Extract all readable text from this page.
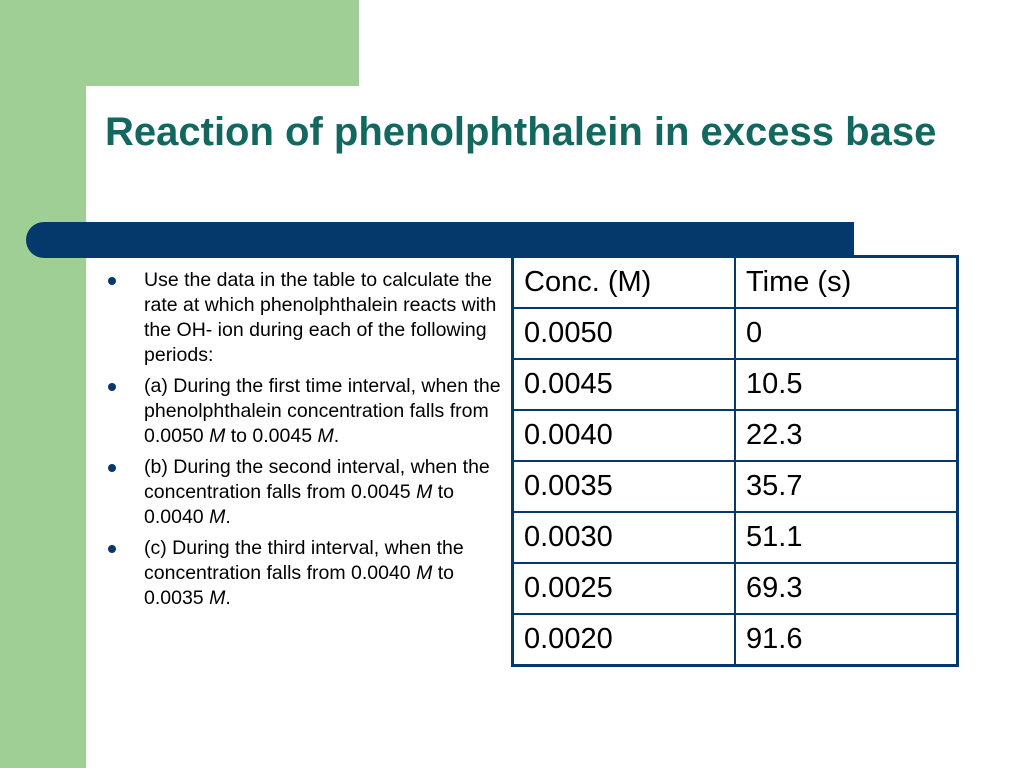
Reaction of phenolphthalein in excess base
Use the data in the table to calculate the rate at which phenolphthalein reacts with the OH- ion during each of the following periods:
(a) During the first time interval, when the phenolphthalein concentration falls from 0.0050 M to 0.0045 M.
(b) During the second interval, when the concentration falls from 0.0045 M to 0.0040 M.
(c) During the third interval, when the concentration falls from 0.0040 M to 0.0035 M.
Conc. (M)	Time (s)
0.0050	0
0.0045	10.5
0.0040	22.3
0.0035	35.7
0.0030	51.1
0.0025	69.3
0.0020	91.6
